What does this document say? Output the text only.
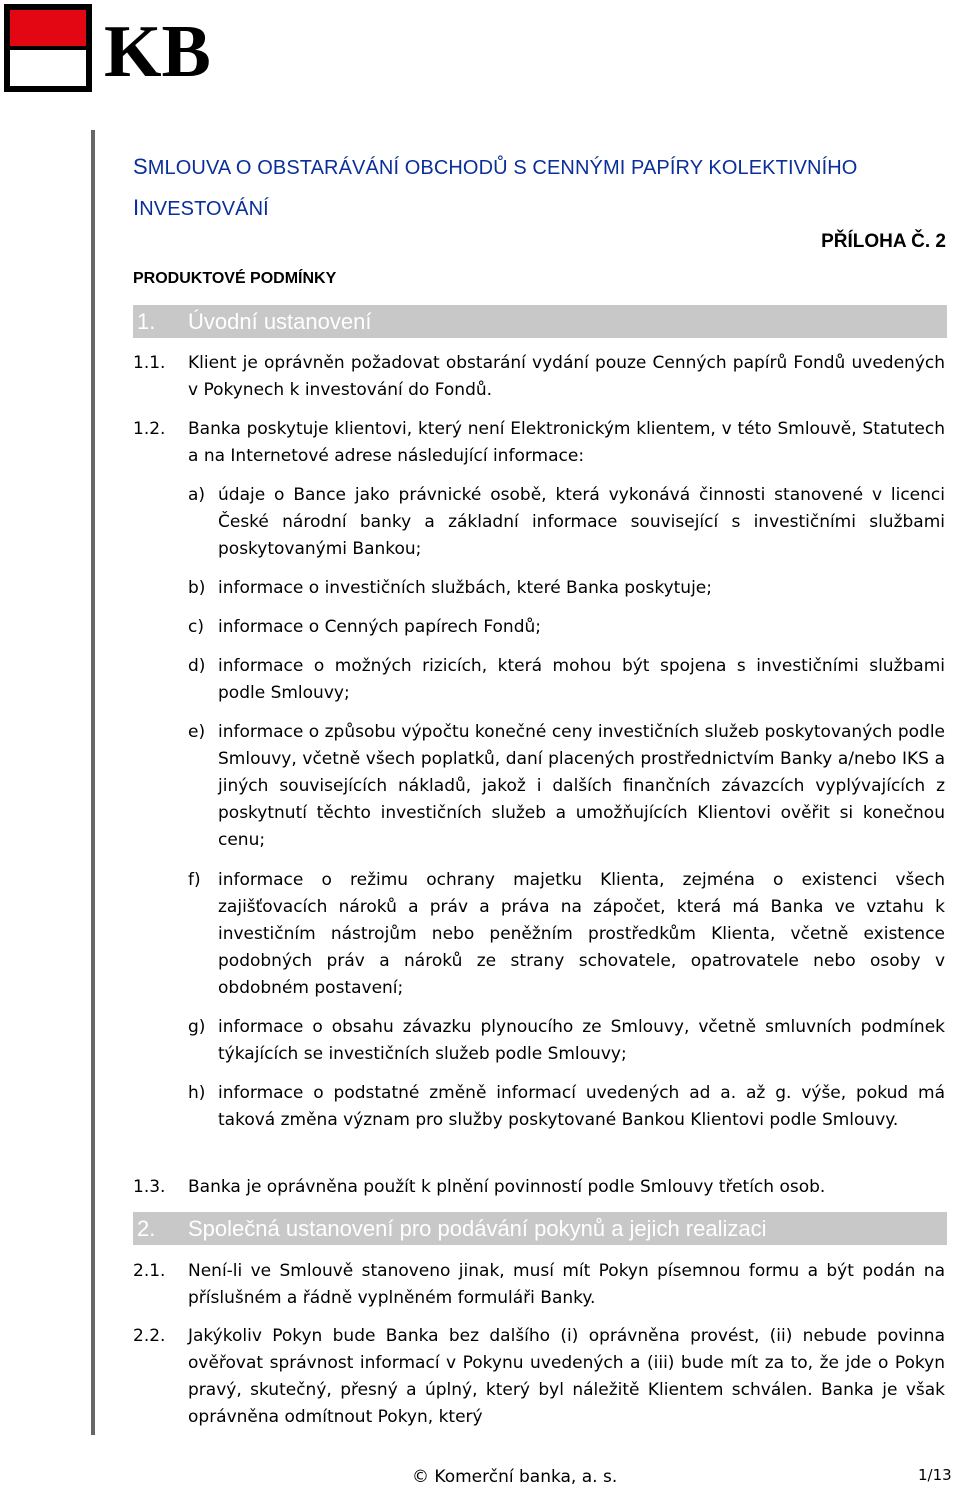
KB
SMLOUVA O OBSTARÁVÁNÍ OBCHODŮ S CENNÝMI PAPÍRY KOLEKTIVNÍHO
INVESTOVÁNÍ
PŘÍLOHA Č. 2
PRODUKTOVÉ PODMÍNKY
1.	Úvodní ustanovení
1.1.	Klient je oprávněn požadovat obstarání vydání pouze Cenných papírů Fondů uvedených v Pokynech k investování do Fondů.
1.2.	Banka poskytuje klientovi, který není Elektronickým klientem, v této Smlouvě, Statutech a na Internetové adrese následující informace:
a) údaje o Bance jako právnické osobě, která vykonává činnosti stanovené v licenci České národní banky a základní informace související s investičními službami poskytovanými Bankou;
b) informace o investičních službách, které Banka poskytuje;
c) informace o Cenných papírech Fondů;
d) informace o možných rizicích, která mohou být spojena s investičními službami podle Smlouvy;
e) informace o způsobu výpočtu konečné ceny investičních služeb poskytovaných podle Smlouvy, včetně všech poplatků, daní placených prostřednictvím Banky a/nebo IKS a jiných souvisejících nákladů, jakož i dalších finančních závazcích vyplývajících z poskytnutí těchto investičních služeb a umožňujících Klientovi ověřit si konečnou cenu;
f)	informace o režimu ochrany majetku Klienta, zejména o existenci všech zajišťovacích nároků a práv a práva na zápočet, která má Banka ve vztahu k investičním nástrojům nebo peněžním prostředkům Klienta, včetně existence podobných práv a nároků ze strany schovatele, opatrovatele nebo osoby v obdobném postavení;
g) informace o obsahu závazku plynoucího ze Smlouvy, včetně smluvních podmínek týkajících se investičních služeb podle Smlouvy;
h) informace o podstatné změně informací uvedených ad a. až g. výše, pokud má taková změna význam pro služby poskytované Bankou Klientovi podle Smlouvy.
1.3.	Banka je oprávněna použít k plnění povinností podle Smlouvy třetích osob.
2.	Společná ustanovení pro podávání pokynů a jejich realizaci
2.1.	Není-li ve Smlouvě stanoveno jinak, musí mít Pokyn písemnou formu a být podán na příslušném a řádně vyplněném formuláři Banky.
2.2.	Jakýkoliv Pokyn bude Banka bez dalšího (i) oprávněna provést, (ii) nebude povinna ověřovat správnost informací v Pokynu uvedených a (iii) bude mít za to, že jde o Pokyn pravý, skutečný, přesný a úplný, který byl náležitě Klientem schválen. Banka je však oprávněna odmítnout Pokyn, který
© Komerční banka, a. s.	1/13
